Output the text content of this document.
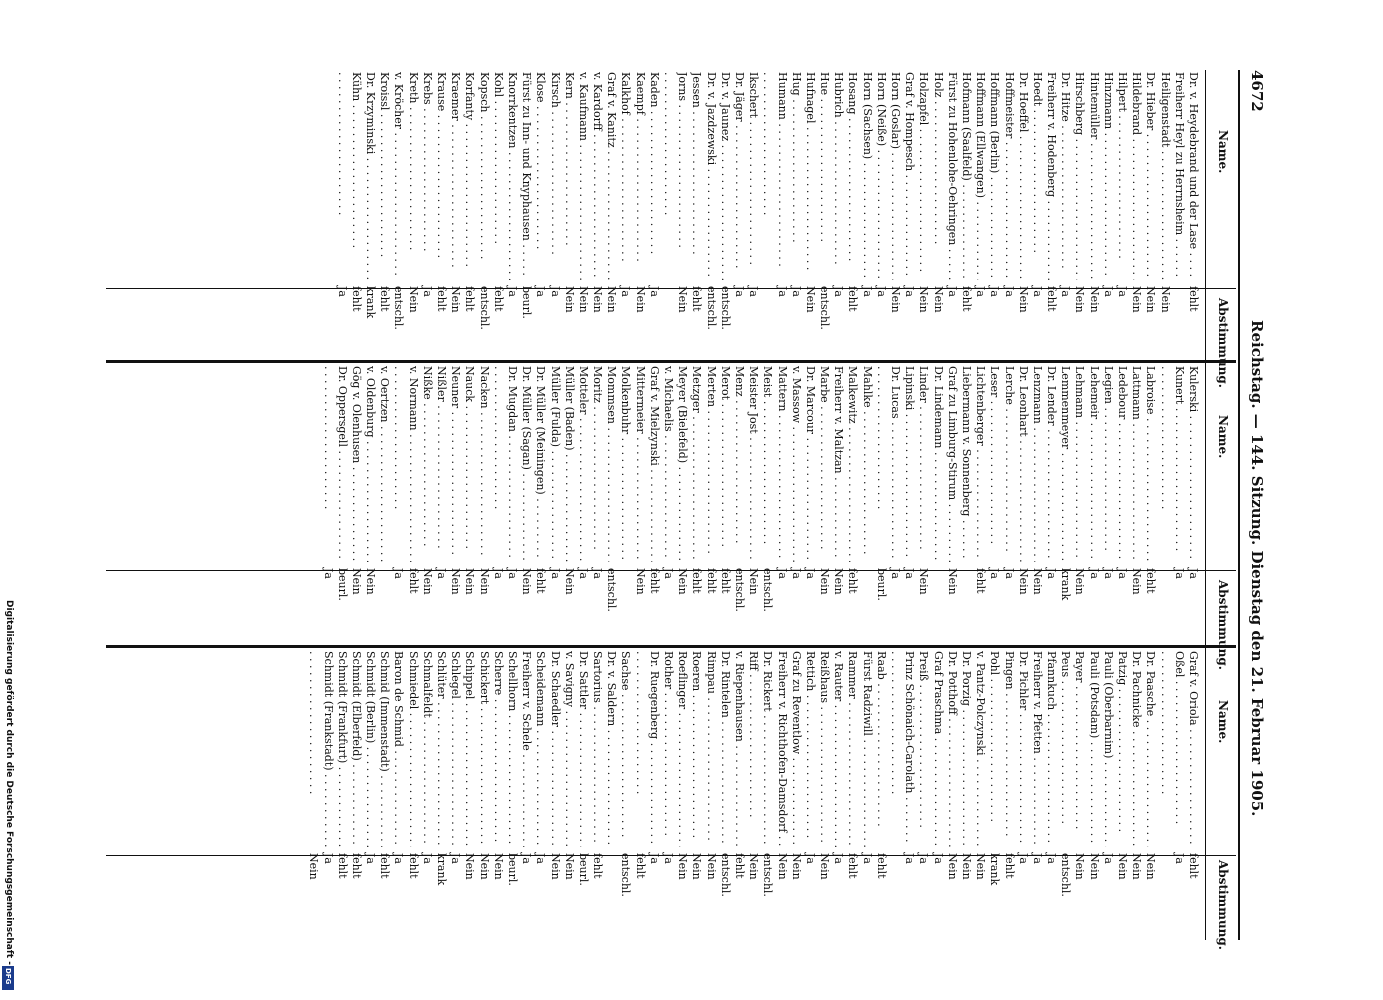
4672
Reichstag. — 144. Sitzung. Dienstag den 21. Februar 1905.
Name.
Abstimmung.
Name.
Abstimmung.
Name.
Abstimmung.
Dr. v. Heydebrand und der Lase . . .
fehlt
Freiherr Heyl zu Herrnsheim . . .
Heiligenstadt . . .
Nein
Dr. Hieber . . .
Nein
Hildebrand . . .
Nein
Hilpert . . .
Ja
Hinzmann . . .
Ja
Hintemüller . . .
Nein
Hirschberg . . .
Nein
Dr. Hitze . . .
Ja
Freiherr v. Hodenberg . . .
fehlt
Hoedt . . .
Ja
Dr. Hoeffel . . .
Nein
Hoffmeister . . .
Ja
Hoffmann (Berlin) . . .
Ja
Hoffmann (Ellwangen) . . .
Ja
Hofmann (Saalfeld) . . .
fehlt
Fürst zu Hohenlohe-Oehringen . . .
Ja
Holz . . .
Nein
Holzapfel . . .
Nein
Graf v. Hompesch . . .
Ja
Horn (Goslar) . . .
Nein
Horn (Neiße) . . .
Ja
Horn (Sachsen) . . .
Ja
Hosang . . .
fehlt
Hubrich . . .
Ja
Hue . . .
entschl.
Hufnagel . . .
Nein
Hug . . .
Ja
Humann . . .
Ja
. . .
Ikschert . . .
Ja
Dr. Jäger . . .
Ja
Dr. v. Jaunez . . .
entschl.
Dr. v. Jazdzewski . . .
entschl.
Jessen . . .
fehlt
Jorns . . .
Nein
. . .
Kaden . . .
Ja
Kaempf . . .
Nein
Kalkhof . . .
Ja
Graf v. Kanitz . . .
Nein
v. Kardorff . . .
Nein
v. Kaufmann . . .
Nein
Kern . . .
Nein
Kirsch . . .
Ja
Klose . . .
Ja
Fürst zu Inn- und Knyphausen . . .
beurl.
Knorrkentzen . . .
Ja
Kohl . . .
fehlt
Kopsch . . .
entschl.
Korfanty . . .
fehlt
Kraemer . . .
Nein
Krause . . .
fehlt
Krebs . . .
Ja
Kreth . . .
Nein
v. Kröcher . . .
entschl.
Kroissl . . .
fehlt
Dr. Krzyminski . . .
krank
Kühn . . .
fehlt
. . .
Ja
Kulerski . . .
Ja
Kunert . . .
Ja
. . .
Labroise . . .
fehlt
Lattmann . . .
Nein
Ledebour . . .
Ja
Legien . . .
Ja
Lehemeir . . .
Ja
Lehmann . . .
Nein
Lemmenmeyer . . .
krank
Dr. Lender . . .
Ja
Lenzmann . . .
Nein
Dr. Leonhart . . .
Nein
Lerche . . .
Ja
Leser . . .
Ja
Lichtenberger . . .
fehlt
Liebermann v. Sonnenberg . . .
Graf zu Limburg-Stirum . . .
Nein
Dr. Lindemann . . .
Linder . . .
Nein
Lipinski . . .
Ja
Dr. Lucas . . .
Ja
. . .
beurl.
Mahlke . . .
Malkewitz . . .
fehlt
Freiherr v. Maltzan . . .
Nein
Marbe . . .
Nein
Dr. Marcour . . .
Ja
v. Massow . . .
Ja
Mattern . . .
Ja
Meist . . .
entschl.
Meister Jost . . .
Nein
Menz . . .
entschl.
Merot . . .
fehlt
Merten . . .
fehlt
Metzger . . .
fehlt
Meyer (Bielefeld) . . .
Nein
v. Michaelis . . .
Ja
Graf v. Mielzynski . . .
fehlt
Mittermeier . . .
Nein
Molkenbuhr . . .
Mommsen . . .
entschl.
Moritz . . .
Ja
Motteler . . .
Ja
Müller (Baden) . . .
Nein
Müller (Fulda) . . .
Ja
Dr. Müller (Meiningen) . . .
fehlt
Dr. Müller (Sagan) . . .
Nein
Dr. Mugdan . . .
Ja
. . .
Ja
Nacken . . .
Nein
Nauck . . .
Nein
Neuner . . .
Nein
Nißler . . .
Ja
Nißke . . .
Nein
v. Normann . . .
fehlt
. . .
Ja
v. Oertzen . . .
v. Oldenburg . . .
Nein
Gög v. Olenhusen . . .
Nein
Dr. Oppersgell . . .
beurl.
. . .
Ja
Graf v. Oriola . . .
fehlt
Oßel . . .
Ja
. . .
Dr. Paasche . . .
Nein
Dr. Pachnicke . . .
Nein
Patzig . . .
Nein
Pauli (Oberbarnim) . . .
Ja
Pauli (Potsdam) . . .
Nein
Payer . . .
Nein
Peus . . .
entschl.
Pfannkuch . . .
Ja
Freiherr v. Pfetten . . .
Ja
Dr. Pichler . . .
Ja
Pingen . . .
fehlt
Pohl . . .
krank
v. Pantz-Polczynski . . .
Nein
Dr. Porzig . . .
Nein
Dr. Potthoff . . .
Nein
Graf Praschma . . .
Ja
Preiß . . .
Ja
Prinz Schönaich-Carolath . . .
Ja
. . .
Raab . . .
fehlt
Fürst Radziwill . . .
Ja
Rammer . . .
fehlt
v. Rauter . . .
Ja
Reißhaus . . .
Nein
Rettich . . .
Ja
Graf zu Reventlow . . .
Nein
Freiherr v. Richthofen-Damsdorf . . .
Nein
Dr. Rickert . . .
entschl.
Riff . . .
Nein
v. Riepenhausen . . .
fehlt
Dr. Rintelen . . .
entschl.
Rimpau . . .
Nein
Roeren . . .
Nein
Roeflinger . . .
Nein
Rother . . .
Ja
Dr. Ruegenberg . . .
Ja
. . .
fehlt
Sachse . . .
entschl.
Dr. v. Saldern . . .
Sartorius . . .
fehlt
Dr. Sattler . . .
beurl.
v. Savigny . . .
Nein
Dr. Schaedler . . .
Nein
Scheidemann . . .
Ja
Freiherr v. Schele . . .
Ja
Schellhorn . . .
beurl.
Scherre . . .
Nein
Schickert . . .
Nein
Schippel . . .
Nein
Schlegel . . .
Ja
Schlüter . . .
krank
Schmalfeldt . . .
Ja
Schmiedel . . .
fehlt
Baron de Schmid . . .
Ja
Schmid (Immenstadt) . . .
fehlt
Schmidt (Berlin) . . .
Ja
Schmidt (Elberfeld) . . .
fehlt
Schmidt (Frankfurt) . . .
fehlt
Schmidt (Frankstadt) . . .
Ja
. . .
Nein
Digitalisierung gefördert durch die Deutsche Forschungsgemeinschaft -
DFG
